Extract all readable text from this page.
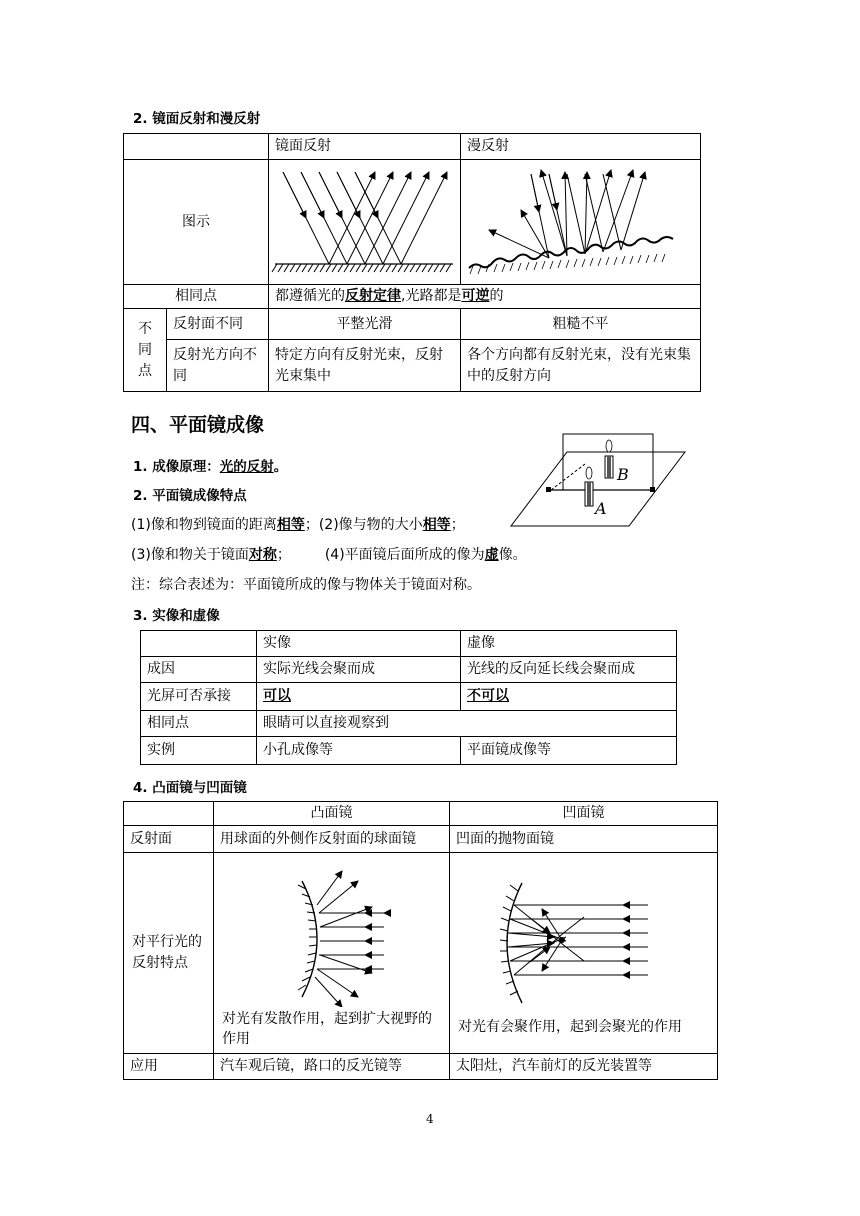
2. 镜面反射和漫反射
		镜面反射	漫反射
图示	

相同点		都遵循光的反射定律,光路都是可逆的	
不同点	反射面不同	平整光滑	粗糙不平
	反射光方向不同	特定方向有反射光束，反射光束集中	各个方向都有反射光束，没有光束集中的反射方向
四、平面镜成像
1. 成像原理：光的反射。
2. 平面镜成像特点
(1)像和物到镜面的距离相等；(2)像与物的大小相等；
(3)像和物关于镜面对称； (4)平面镜后面所成的像为虚像。
注：综合表述为：平面镜所成的像与物体关于镜面对称。
A
B
3. 实像和虚像
	实像	虚像
成因	实际光线会聚而成	光线的反向延长线会聚而成
光屏可否承接	可以	不可以
相同点	眼睛可以直接观察到	
实例	小孔成像等	平面镜成像等
4. 凸面镜与凹面镜
	凸面镜	凹面镜
反射面	用球面的外侧作反射面的球面镜	凹面的抛物面镜
对平行光的反射特点	对光有发散作用，起到扩大视野的作用	对光有会聚作用，起到会聚光的作用

应用	汽车观后镜，路口的反光镜等	太阳灶，汽车前灯的反光装置等
4
